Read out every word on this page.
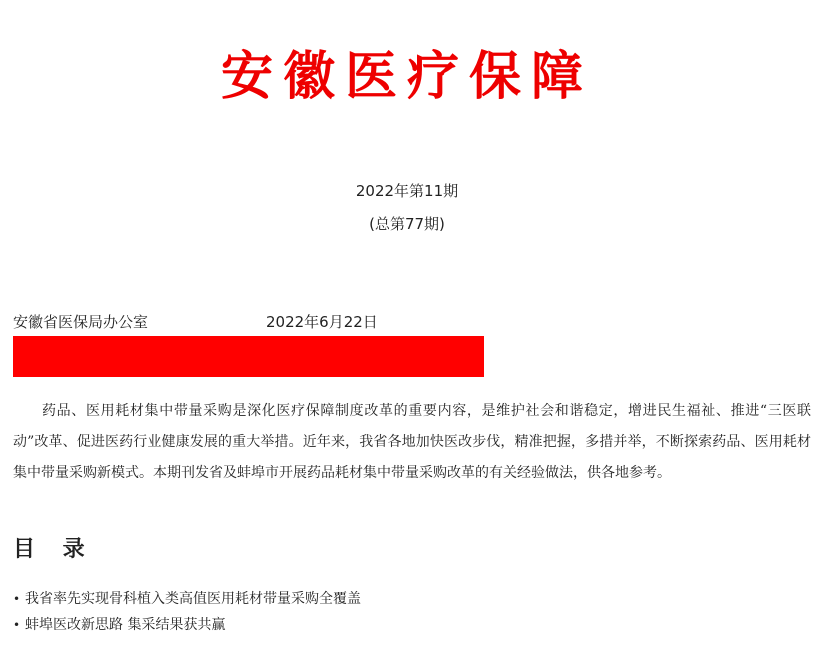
安徽医疗保障
2022年第11期
(总第77期)
安徽省医保局办公室	2022年6月22日

药品、医用耗材集中带量采购是深化医疗保障制度改革的重要内容，是维护社会和谐稳定，增进民生福祉、推进“三医联动”改革、促进医药行业健康发展的重大举措。近年来，我省各地加快医改步伐，精准把握，多措并举，不断探索药品、医用耗材集中带量采购新模式。本期刊发省及蚌埠市开展药品耗材集中带量采购改革的有关经验做法，供各地参考。

目 录
• 我省率先实现骨科植入类高值医用耗材带量采购全覆盖
• 蚌埠医改新思路 集采结果获共赢
